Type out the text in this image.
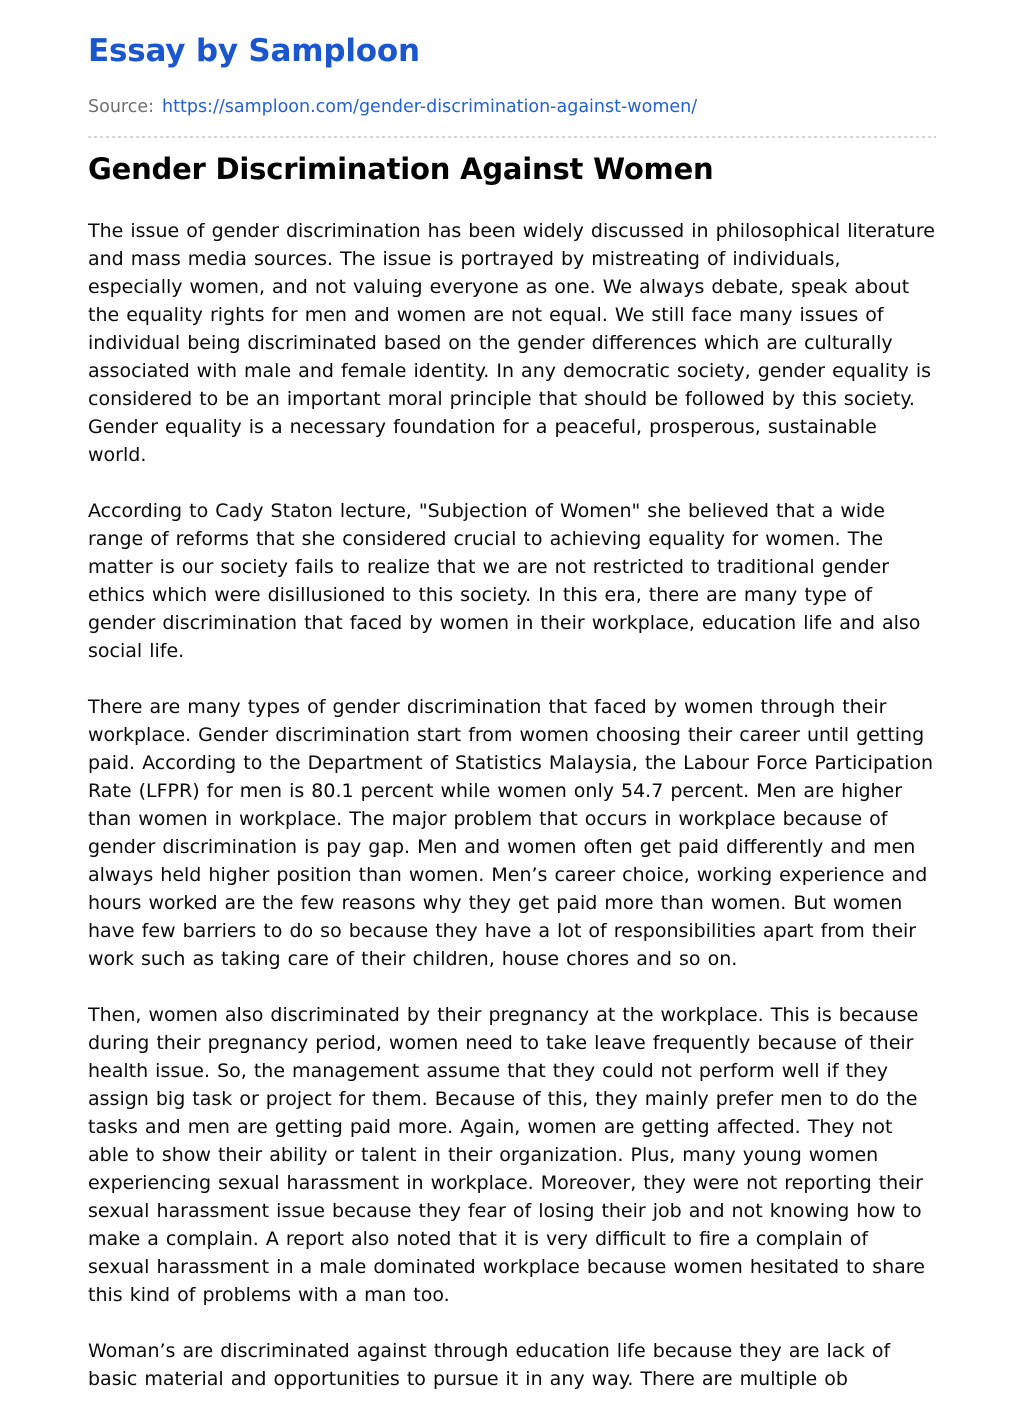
Essay by Samploon
Source: https://samploon.com/gender-discrimination-against-women/
Gender Discrimination Against Women

The issue of gender discrimination has been widely discussed in philosophical literature and mass media sources. The issue is portrayed by mistreating of individuals, especially women, and not valuing everyone as one. We always debate, speak about the equality rights for men and women are not equal. We still face many issues of individual being discriminated based on the gender differences which are culturally associated with male and female identity. In any democratic society, gender equality is considered to be an important moral principle that should be followed by this society. Gender equality is a necessary foundation for a peaceful, prosperous, sustainable world.

According to Cady Staton lecture, "Subjection of Women" she believed that a wide range of reforms that she considered crucial to achieving equality for women. The matter is our society fails to realize that we are not restricted to traditional gender ethics which were disillusioned to this society. In this era, there are many type of gender discrimination that faced by women in their workplace, education life and also social life.

There are many types of gender discrimination that faced by women through their workplace. Gender discrimination start from women choosing their career until getting paid. According to the Department of Statistics Malaysia, the Labour Force Participation Rate (LFPR) for men is 80.1 percent while women only 54.7 percent. Men are higher than women in workplace. The major problem that occurs in workplace because of gender discrimination is pay gap. Men and women often get paid differently and men always held higher position than women. Men’s career choice, working experience and hours worked are the few reasons why they get paid more than women. But women have few barriers to do so because they have a lot of responsibilities apart from their work such as taking care of their children, house chores and so on.

Then, women also discriminated by their pregnancy at the workplace. This is because during their pregnancy period, women need to take leave frequently because of their health issue. So, the management assume that they could not perform well if they assign big task or project for them. Because of this, they mainly prefer men to do the tasks and men are getting paid more. Again, women are getting affected. They not able to show their ability or talent in their organization. Plus, many young women experiencing sexual harassment in workplace. Moreover, they were not reporting their sexual harassment issue because they fear of losing their job and not knowing how to make a complain. A report also noted that it is very difficult to fire a complain of sexual harassment in a male dominated workplace because women hesitated to share this kind of problems with a man too.

Woman’s are discriminated against through education life because they are lack of basic material and opportunities to pursue it in any way. There are multiple ob
